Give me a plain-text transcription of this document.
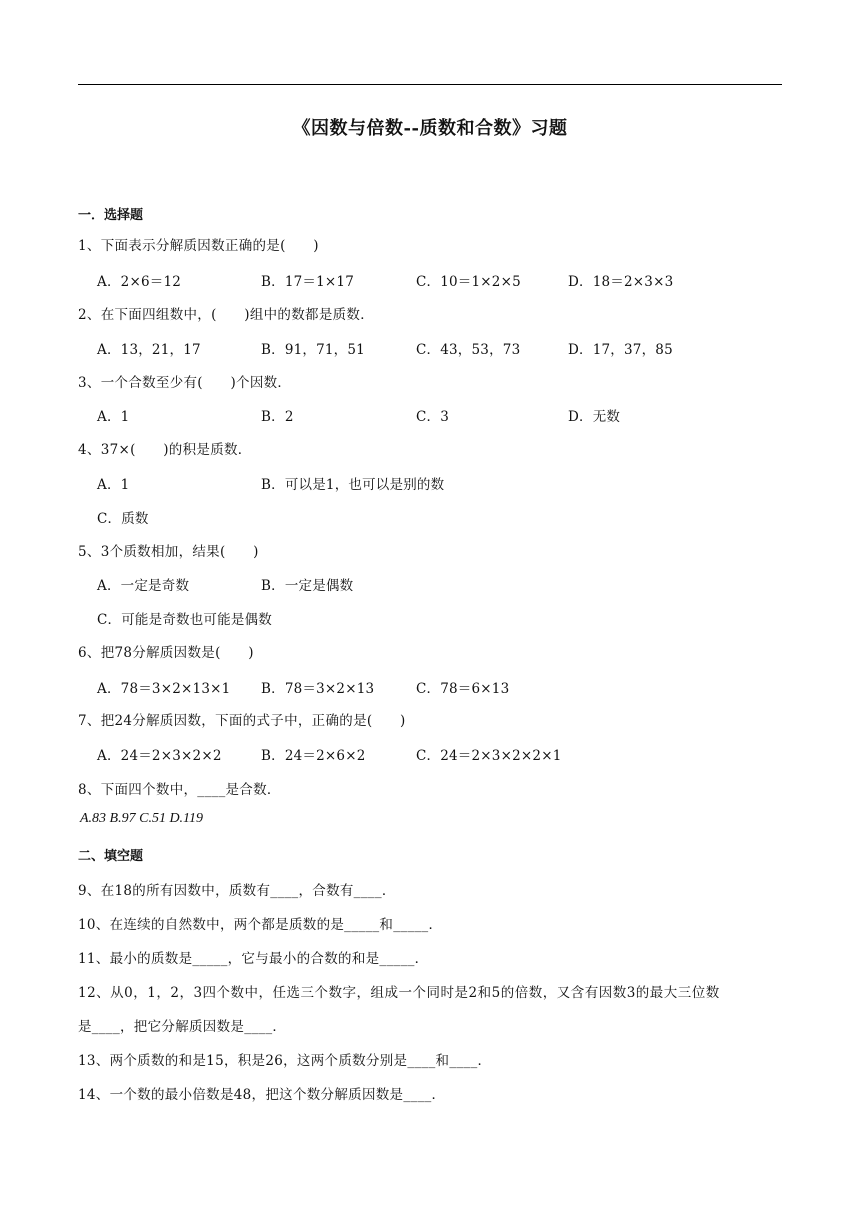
《因数与倍数--质数和合数》习题
一．选择题
1、下面表示分解质因数正确的是(　　)
A．2×6＝12	B．17＝1×17	C．10＝1×2×5	D．18＝2×3×3
2、在下面四组数中，(　　)组中的数都是质数．
A．13，21，17	B．91，71，51	C．43，53，73	D．17，37，85
3、一个合数至少有(　　)个因数．
A．1	B．2	C．3	D．无数
4、37×(　　)的积是质数．
A．1	B．可以是1，也可以是别的数
C．质数
5、3个质数相加，结果(　　)
A．一定是奇数	B．一定是偶数
C．可能是奇数也可能是偶数
6、把78分解质因数是(　　)
A．78＝3×2×13×1 B．78＝3×2×13	C．78＝6×13
7、把24分解质因数，下面的式子中，正确的是(　　)
A．24＝2×3×2×2	B．24＝2×6×2	C．24＝2×3×2×2×1
8、下面四个数中，____是合数．
A.83 B.97 C.51 D.119
二、填空题
9、在18的所有因数中，质数有____，合数有____．
10、在连续的自然数中，两个都是质数的是_____和_____．
11、最小的质数是_____，它与最小的合数的和是_____．
12、从0，1，2，3四个数中，任选三个数字，组成一个同时是2和5的倍数，又含有因数3的最大三位数
是____，把它分解质因数是____．
13、两个质数的和是15，积是26，这两个质数分别是____和____．
14、一个数的最小倍数是48，把这个数分解质因数是____．
